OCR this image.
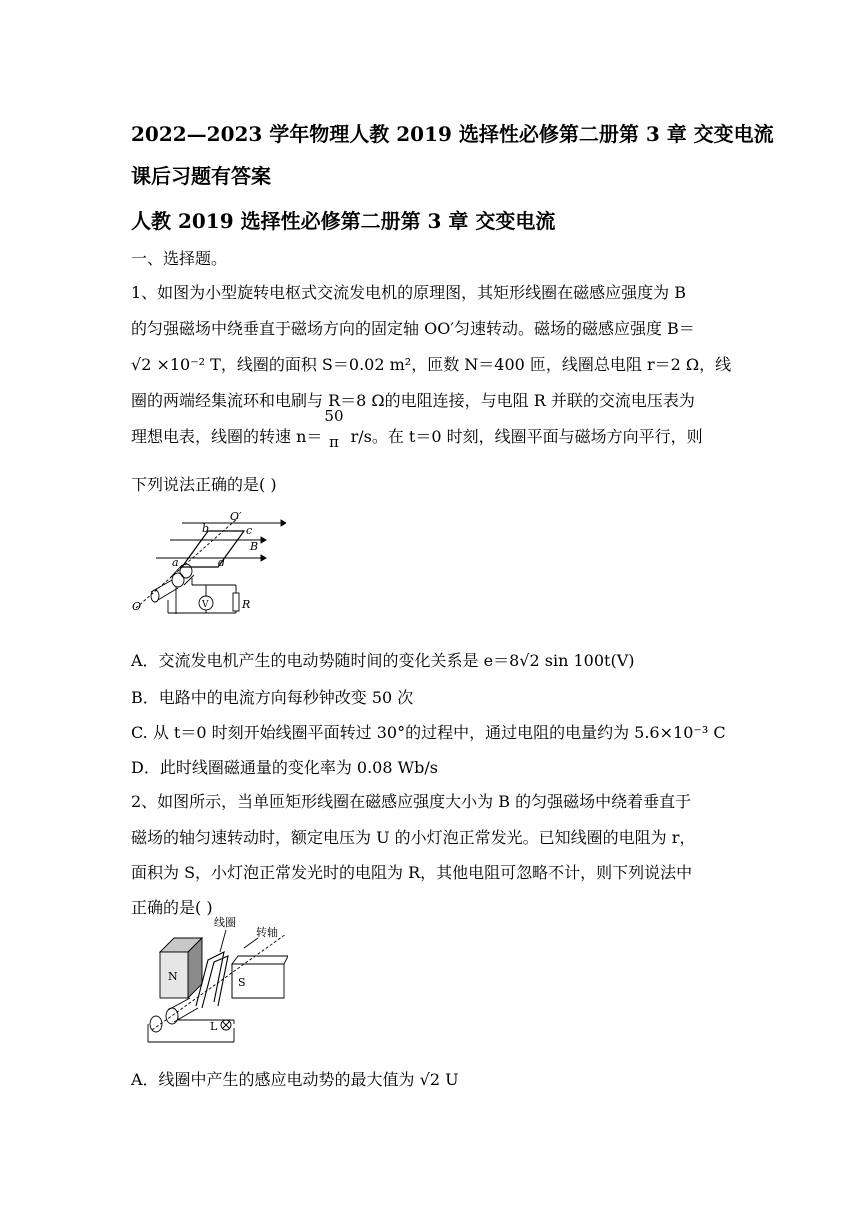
2022—2023 学年物理人教 2019 选择性必修第二册第 3 章 交变电流
课后习题有答案
人教 2019 选择性必修第二册第 3 章 交变电流
一、选择题。
1、如图为小型旋转电枢式交流发电机的原理图，其矩形线圈在磁感应强度为 B
的匀强磁场中绕垂直于磁场方向的固定轴 OO′匀速转动。磁场的磁感应强度 B＝
√2 ×10⁻² T，线圈的面积 S＝0.02 m²，匝数 N＝400 匝，线圈总电阻 r＝2 Ω，线
圈的两端经集流环和电刷与 R＝8 Ω的电阻连接，与电阻 R 并联的交流电压表为
理想电表，线圈的转速 n＝
50
π r/s。在 t＝0 时刻，线圈平面与磁场方向平行，则
下列说法正确的是( )
O′
b	c
B
a	d
V	R
O
A．交流发电机产生的电动势随时间的变化关系是 e＝8√2 sin 100t(V)
B．电路中的电流方向每秒钟改变 50 次
C. 从 t＝0 时刻开始线圈平面转过 30°的过程中，通过电阻的电量约为 5.6×10⁻³ C
D．此时线圈磁通量的变化率为 0.08 Wb/s
2、如图所示，当单匝矩形线圈在磁感应强度大小为 B 的匀强磁场中绕着垂直于
磁场的轴匀速转动时，额定电压为 U 的小灯泡正常发光。已知线圈的电阻为 r，
面积为 S，小灯泡正常发光时的电阻为 R，其他电阻可忽略不计，则下列说法中
正确的是( )
线圈
转轴
N	S
L
A．线圈中产生的感应电动势的最大值为 √2 U
